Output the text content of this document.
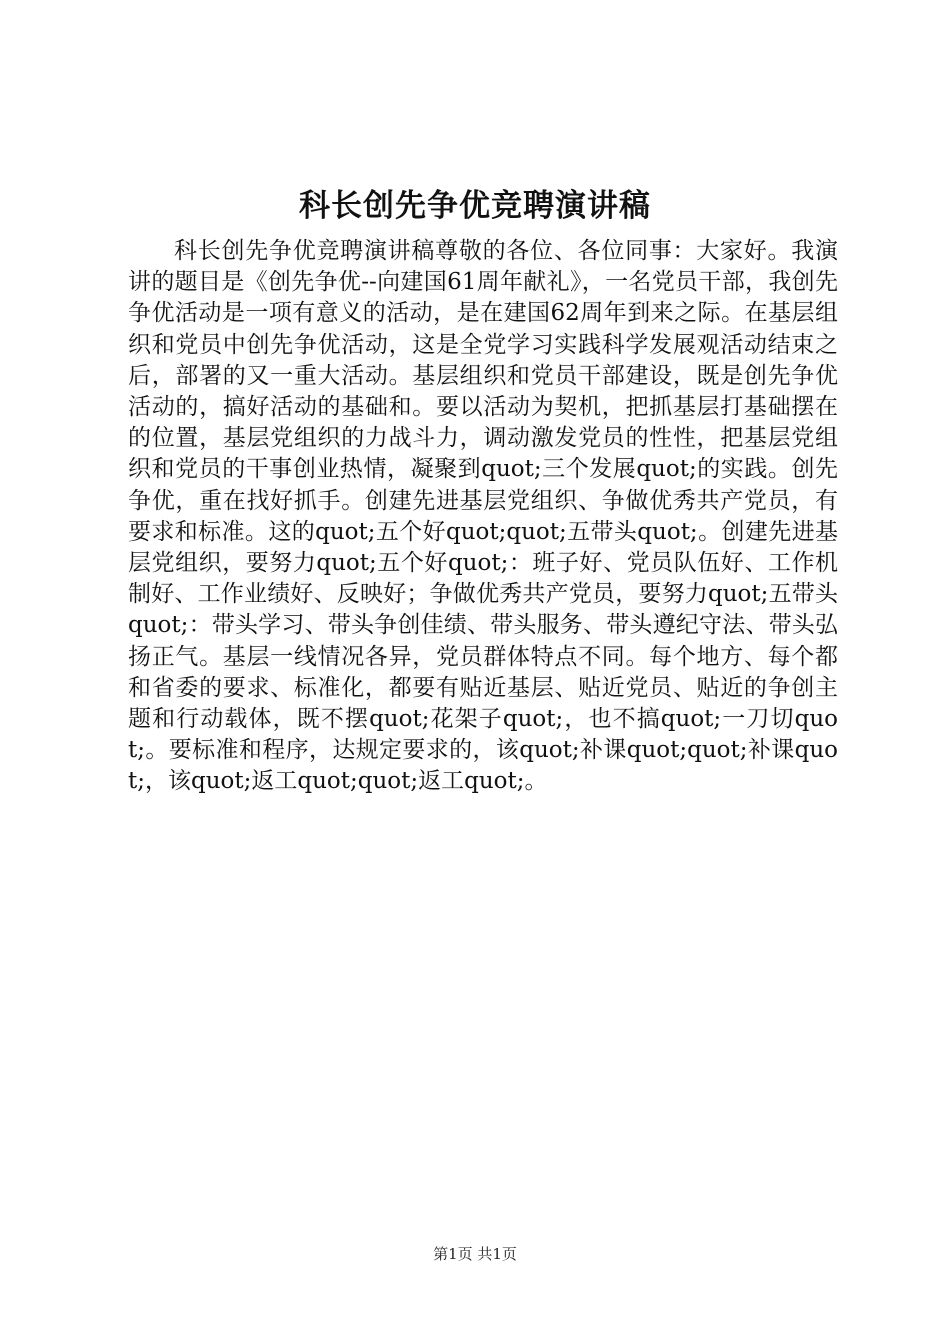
科长创先争优竞聘演讲稿

科长创先争优竞聘演讲稿尊敬的各位、各位同事：大家好。我演讲的题目是《创先争优--向建国61周年献礼》，一名党员干部，我创先争优活动是一项有意义的活动，是在建国62周年到来之际。在基层组织和党员中创先争优活动，这是全党学习实践科学发展观活动结束之后，部署的又一重大活动。基层组织和党员干部建设，既是创先争优活动的，搞好活动的基础和。要以活动为契机，把抓基层打基础摆在的位置，基层党组织的力战斗力，调动激发党员的性性，把基层党组织和党员的干事创业热情，凝聚到quot;三个发展quot;的实践。创先争优，重在找好抓手。创建先进基层党组织、争做优秀共产党员，有要求和标准。这的quot;五个好quot;quot;五带头quot;。创建先进基层党组织，要努力quot;五个好quot;：班子好、党员队伍好、工作机制好、工作业绩好、反映好；争做优秀共产党员，要努力quot;五带头quot;：带头学习、带头争创佳绩、带头服务、带头遵纪守法、带头弘扬正气。基层一线情况各异，党员群体特点不同。每个地方、每个都和省委的要求、标准化，都要有贴近基层、贴近党员、贴近的争创主题和行动载体，既不摆quot;花架子quot;，也不搞quot;一刀切quot;。要标准和程序，达规定要求的，该quot;补课quot;quot;补课quot;，该quot;返工quot;quot;返工quot;。

第1页 共1页
